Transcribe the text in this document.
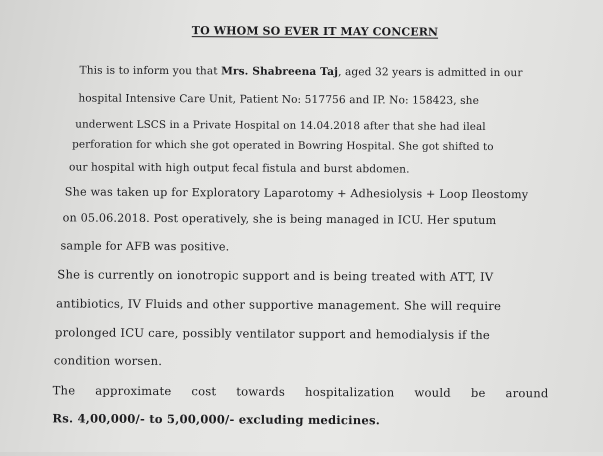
TO WHOM SO EVER IT MAY CONCERN
This is to inform you that Mrs. Shabreena Taj, aged 32 years is admitted in our
hospital Intensive Care Unit, Patient No: 517756 and IP. No: 158423, she
underwent LSCS in a Private Hospital on 14.04.2018 after that she had ileal
perforation for which she got operated in Bowring Hospital. She got shifted to
our hospital with high output fecal fistula and burst abdomen.
She was taken up for Exploratory Laparotomy + Adhesiolysis + Loop Ileostomy
on 05.06.2018. Post operatively, she is being managed in ICU. Her sputum
sample for AFB was positive.
She is currently on ionotropic support and is being treated with ATT, IV
antibiotics, IV Fluids and other supportive management. She will require
prolonged ICU care, possibly ventilator support and hemodialysis if the
condition worsen.
The approximate cost towards hospitalization would be around
Rs. 4,00,000/- to 5,00,000/- excluding medicines.
